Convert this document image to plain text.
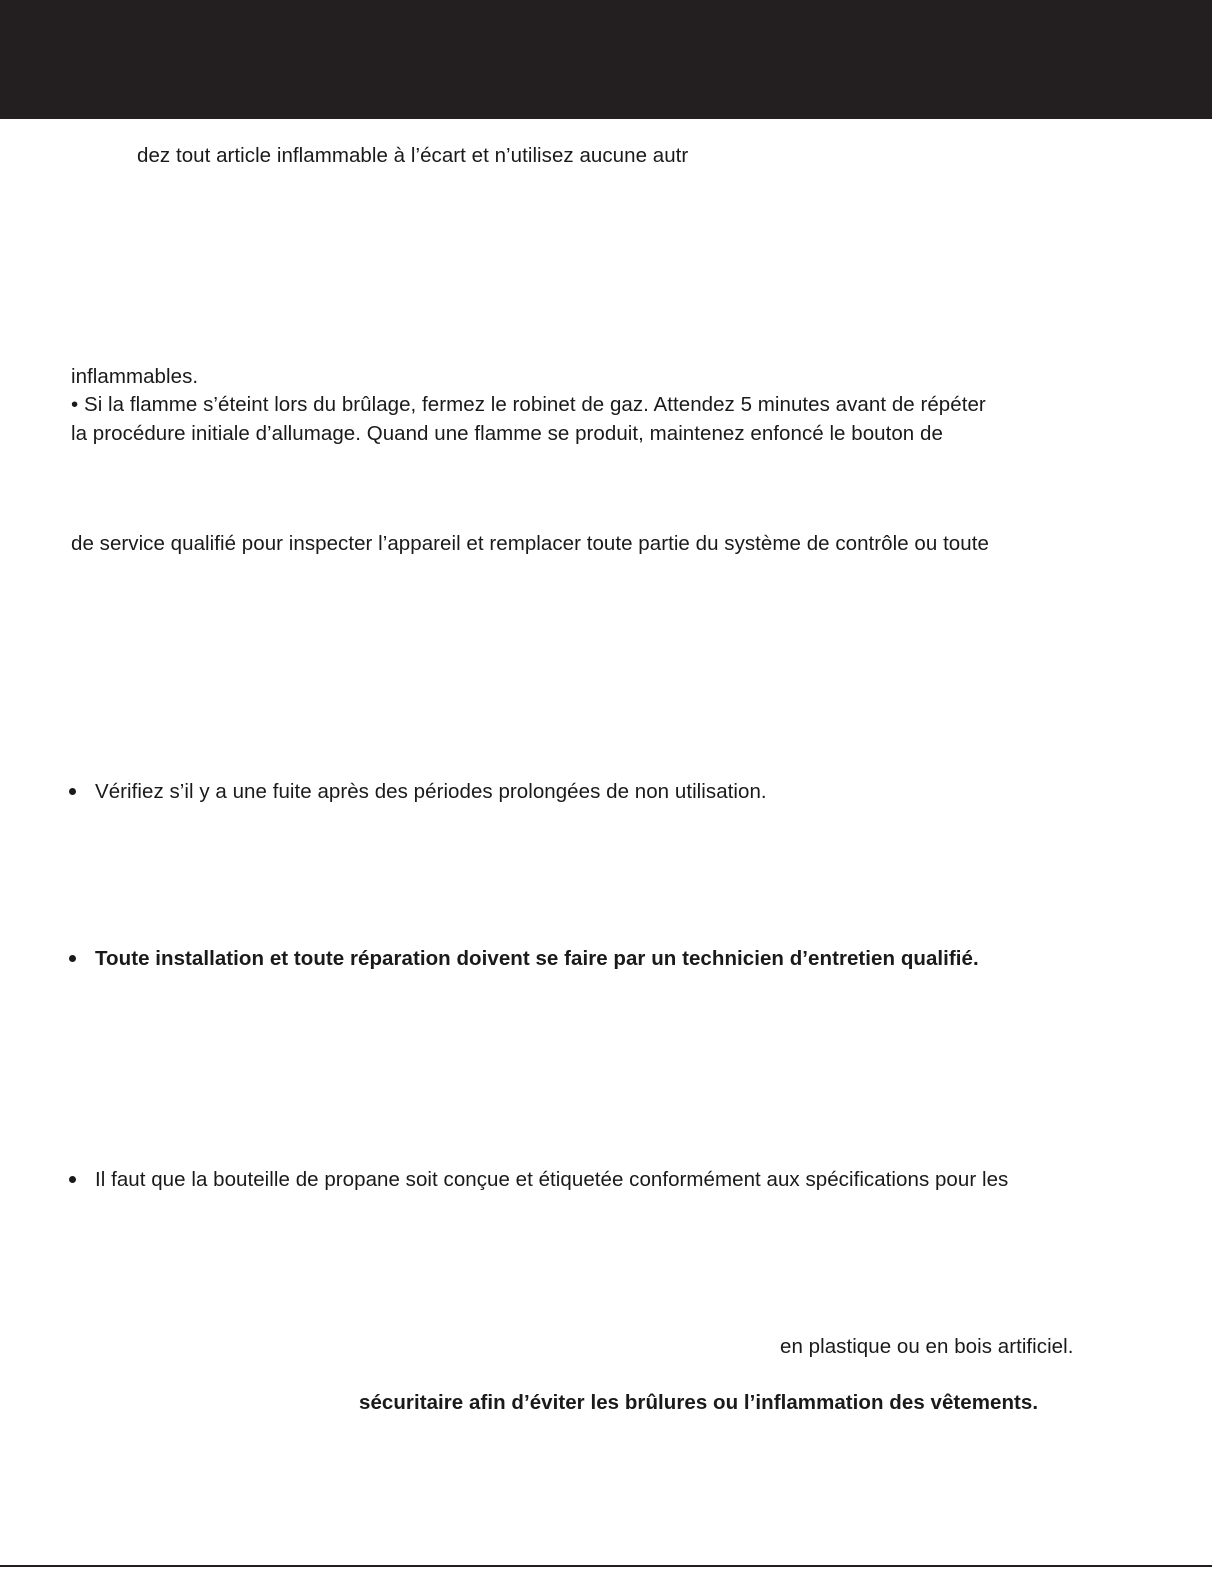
dez tout article inflammable à l’écart et n’utilisez aucune autr
inflammables.
• Si la flamme s’éteint lors du brûlage, fermez le robinet de gaz. Attendez 5 minutes avant de répéter
la procédure initiale d’allumage. Quand une flamme se produit, maintenez enfoncé le bouton de
de service qualifié pour inspecter l’appareil et remplacer toute partie du système de contrôle ou toute
Vérifiez s’il y a une fuite après des périodes prolongées de non utilisation.
Toute installation et toute réparation doivent se faire par un technicien d’entretien qualifié.
Il faut que la bouteille de propane soit conçue et étiquetée conformément aux spécifications pour les
en plastique ou en bois artificiel.
sécuritaire afin d’éviter les brûlures ou l’inflammation des vêtements.
